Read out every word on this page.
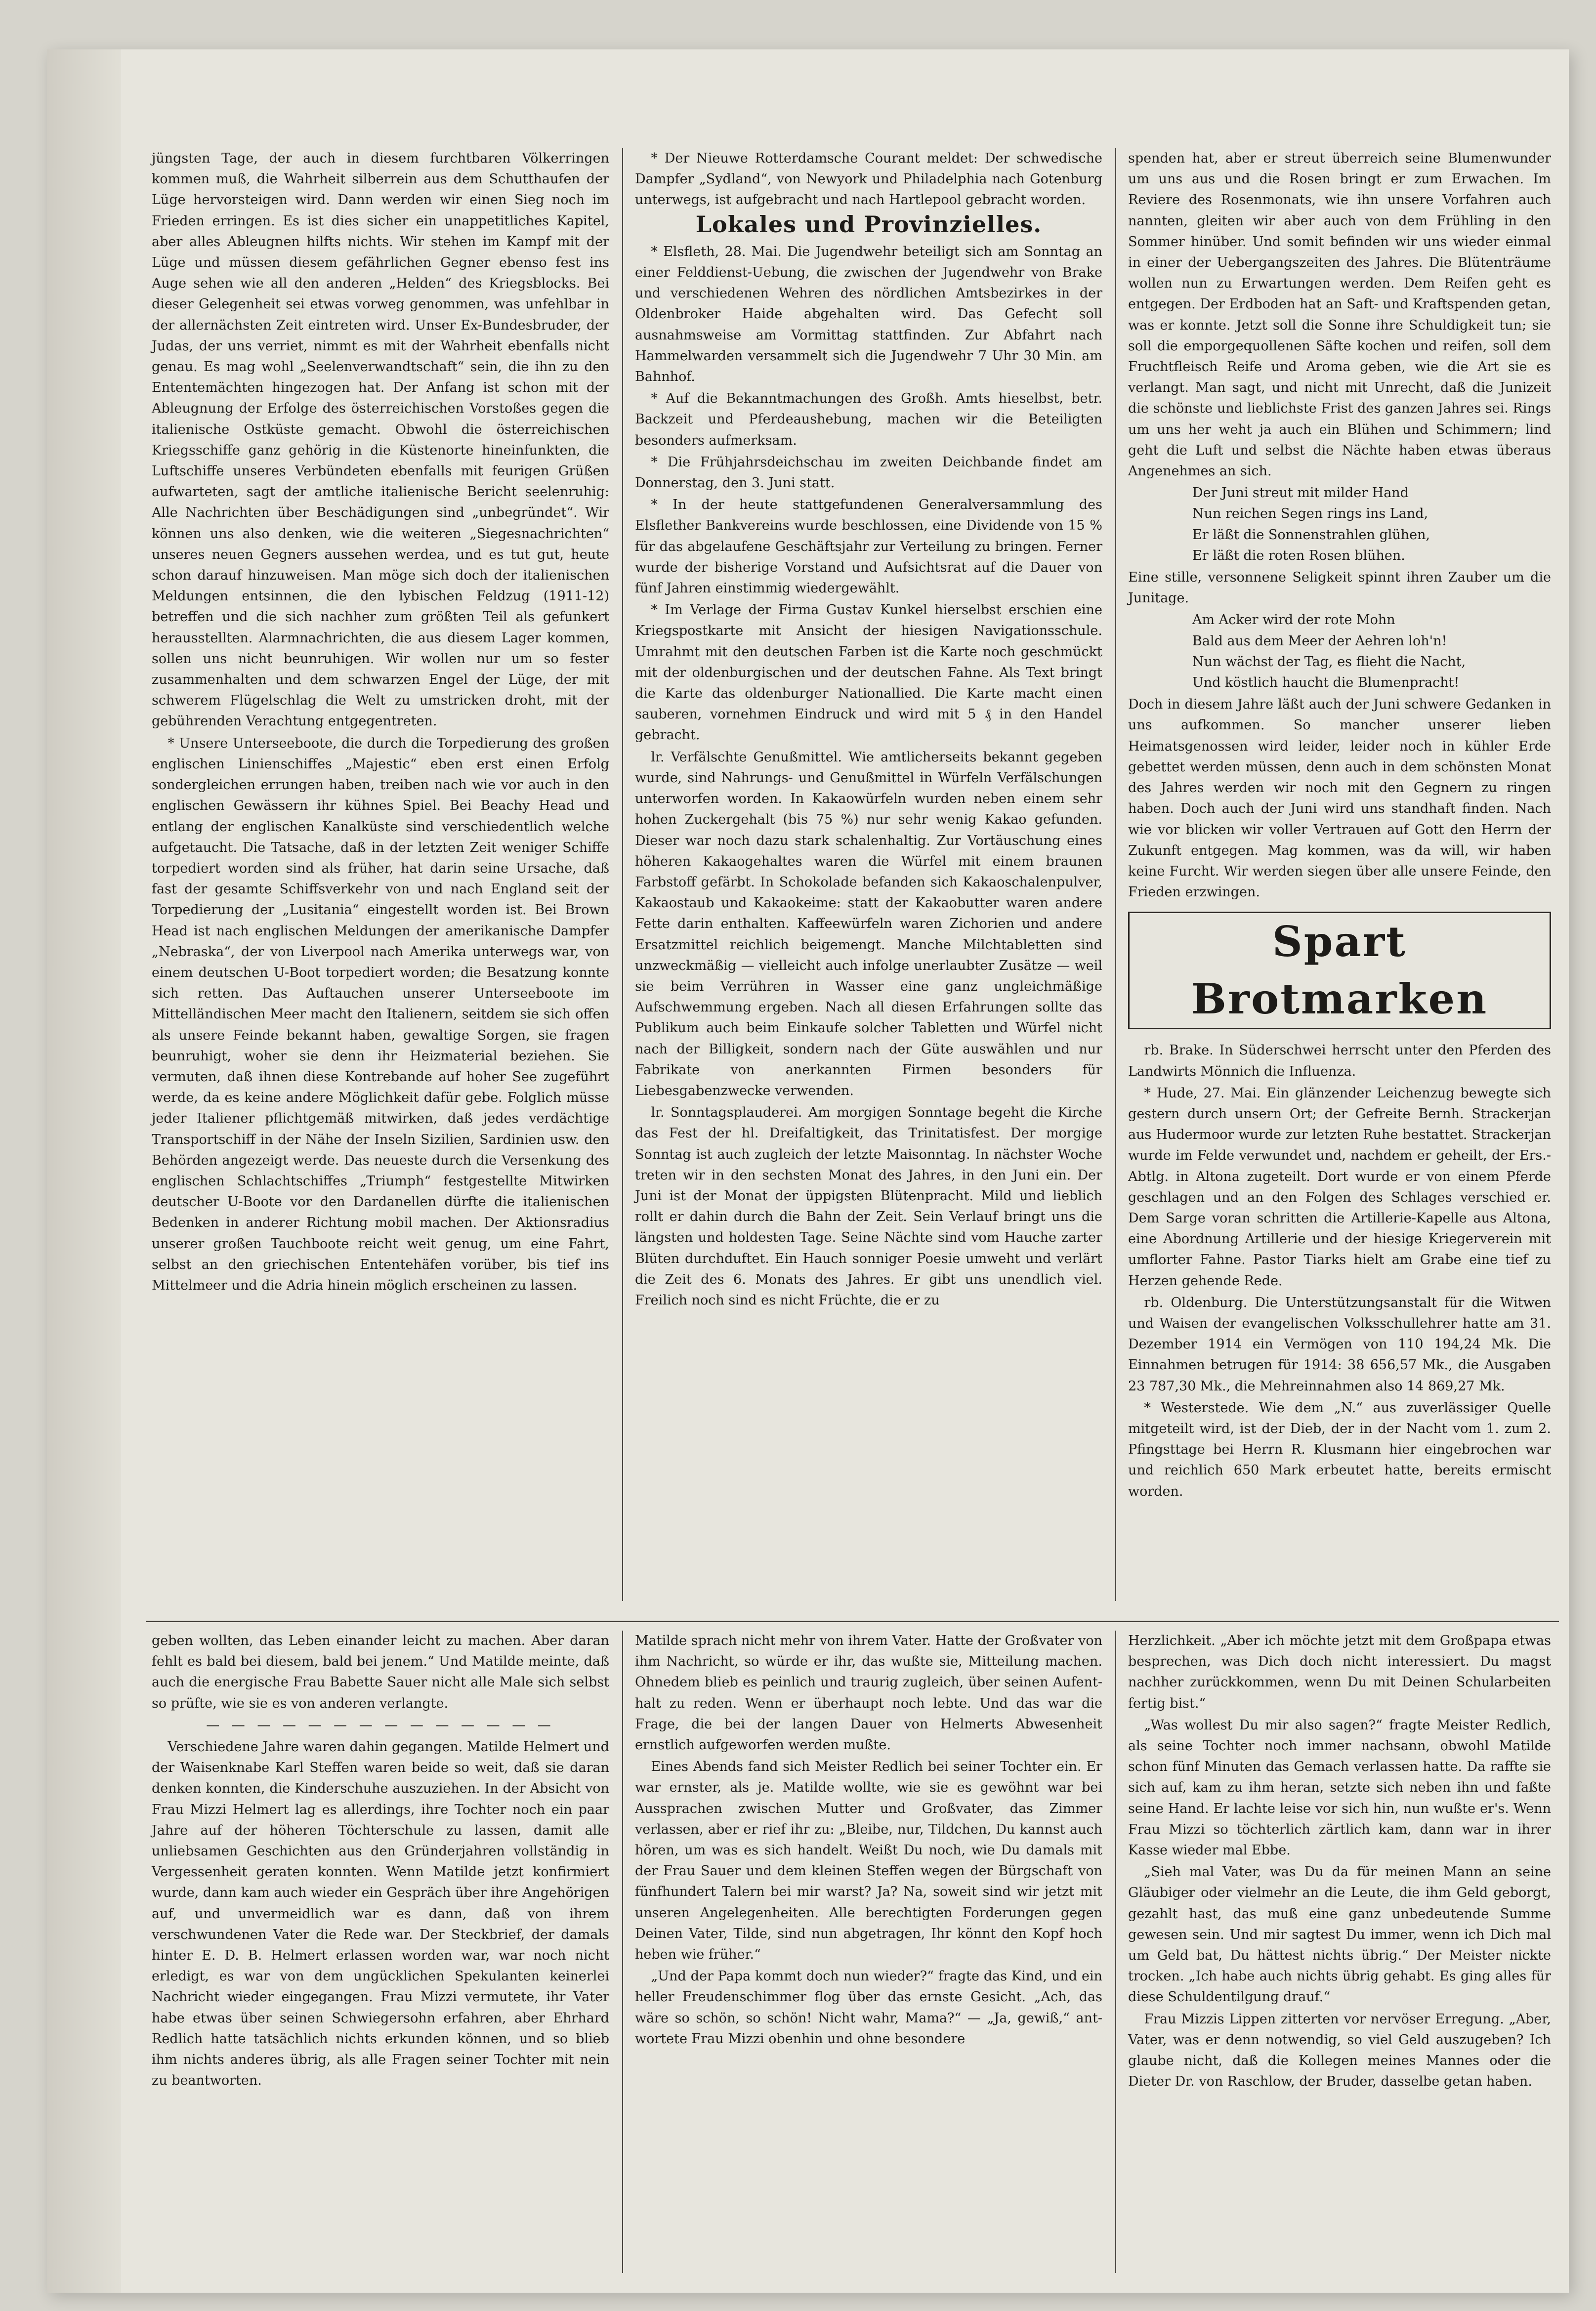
jüngsten Tage, der auch in diesem furchtbaren Völkerringen kommen muß, die Wahrheit silberrein aus dem Schutthaufen der Lüge hervorsteigen wird. Dann werden wir einen Sieg noch im Frieden erringen. Es ist dies sicher ein unappetitliches Kapitel, aber alles Ableugnen hilfts nichts. Wir stehen im Kampf mit der Lüge und müssen diesem gefährlichen Gegner ebenso fest ins Auge sehen wie all den anderen „Helden“ des Kriegsblocks. Bei dieser Gelegenheit sei etwas vorweg genommen, was unfehlbar in der allernächsten Zeit eintreten wird. Unser Ex-Bundesbruder, der Judas, der uns verriet, nimmt es mit der Wahrheit ebenfalls nicht genau. Es mag wohl „Seelenverwandtschaft“ sein, die ihn zu den Ententemächten hingezogen hat. Der Anfang ist schon mit der Ableugnung der Erfolge des österreichischen Vorstoßes gegen die italienische Ostküste gemacht. Obwohl die österreichischen Kriegsschiffe ganz gehörig in die Küstenorte hineinfunkten, die Luftschiffe unseres Verbündeten ebenfalls mit feurigen Grüßen aufwarteten, sagt der amtliche italienische Bericht seelenruhig: Alle Nachrichten über Beschädigungen sind „unbegründet“. Wir können uns also denken, wie die weiteren „Siegesnachrichten“ unseres neuen Gegners aussehen werdea, und es tut gut, heute schon darauf hinzuweisen. Man möge sich doch der italienischen Meldungen entsinnen, die den lybischen Feldzug (1911-12) betreffen und die sich nachher zum größten Teil als gefunkert herausstellten. Alarmnachrichten, die aus diesem Lager kommen, sollen uns nicht beunruhigen. Wir wollen nur um so fester zusammenhalten und dem schwarzen Engel der Lüge, der mit schwerem Flügelschlag die Welt zu umstricken droht, mit der gebührenden Verachtung entgegentreten.

* Unsere Unterseeboote, die durch die Torpedierung des großen englischen Linienschiffes „Majestic“ eben erst einen Erfolg sondergleichen errungen haben, treiben nach wie vor auch in den englischen Gewässern ihr kühnes Spiel. Bei Beachy Head und entlang der englischen Kanalküste sind verschiedentlich welche aufgetaucht. Die Tatsache, daß in der letzten Zeit weniger Schiffe torpediert worden sind als früher, hat darin seine Ursache, daß fast der gesamte Schiffsverkehr von und nach England seit der Torpedierung der „Lusitania“ eingestellt worden ist. Bei Brown Head ist nach englischen Meldungen der amerikanische Dampfer „Nebraska“, der von Liverpool nach Amerika unterwegs war, von einem deutschen U-Boot torpediert worden; die Besatzung konnte sich retten. Das Auftauchen unserer Unterseeboote im Mittelländischen Meer macht den Italienern, seitdem sie sich offen als unsere Feinde bekannt haben, gewaltige Sorgen, sie fragen beunruhigt, woher sie denn ihr Heizmaterial beziehen. Sie vermuten, daß ihnen diese Kontrebande auf hoher See zugeführt werde, da es keine andere Möglichkeit dafür gebe. Folglich müsse jeder Italiener pflichtgemäß mitwirken, daß jedes verdächtige Transportschiff in der Nähe der Inseln Sizilien, Sardinien usw. den Behörden angezeigt werde. Das neueste durch die Versenkung des englischen Schlachtschiffes „Triumph“ festgestellte Mitwirken deutscher U-Boote vor den Dardanellen dürfte die italienischen Bedenken in anderer Richtung mobil machen. Der Aktionsradius unserer großen Tauchboote reicht weit genug, um eine Fahrt, selbst an den griechischen Ententehäfen vorüber, bis tief ins Mittelmeer und die Adria hinein möglich erscheinen zu lassen.

* Der Nieuwe Rotterdamsche Courant meldet: Der schwedische Dampfer „Sydland“, von Newyork und Philadelphia nach Gotenburg unterwegs, ist aufgebracht und nach Hartlepool gebracht worden.

Lokales und Provinzielles.

* Elsfleth, 28. Mai. Die Jugendwehr beteiligt sich am Sonntag an einer Felddienst-Uebung, die zwischen der Jugendwehr von Brake und verschiedenen Wehren des nördlichen Amtsbezirkes in der Oldenbroker Haide abgehalten wird. Das Gefecht soll ausnahmsweise am Vormittag stattfinden. Zur Abfahrt nach Hammelwarden versammelt sich die Jugendwehr 7 Uhr 30 Min. am Bahnhof.

* Auf die Bekanntmachungen des Großh. Amts hieselbst, betr. Backzeit und Pferdeaushebung, machen wir die Beteiligten besonders aufmerksam.

* Die Frühjahrsdeichschau im zweiten Deichbande findet am Donnerstag, den 3. Juni statt.

* In der heute stattgefundenen Generalversammlung des Elsflether Bankvereins wurde beschlossen, eine Dividende von 15 % für das abgelaufene Geschäftsjahr zur Verteilung zu bringen. Ferner wurde der bisherige Vorstand und Aufsichtsrat auf die Dauer von fünf Jahren einstimmig wiedergewählt.

* Im Verlage der Firma Gustav Kunkel hierselbst erschien eine Kriegspostkarte mit Ansicht der hiesigen Navigationsschule. Umrahmt mit den deutschen Farben ist die Karte noch geschmückt mit der oldenburgischen und der deutschen Fahne. Als Text bringt die Karte das oldenburger Nationallied. Die Karte macht einen sauberen, vornehmen Eindruck und wird mit 5 ₰ in den Handel gebracht.

lr. Verfälschte Genußmittel. Wie amtlicherseits bekannt gegeben wurde, sind Nahrungs- und Genußmittel in Würfeln Verfälschungen unterworfen worden. In Kakaowürfeln wurden neben einem sehr hohen Zuckergehalt (bis 75 %) nur sehr wenig Kakao gefunden. Dieser war noch dazu stark schalenhaltig. Zur Vortäuschung eines höheren Kakaogehaltes waren die Würfel mit einem braunen Farbstoff gefärbt. In Schokolade befanden sich Kakaoschalenpulver, Kakaostaub und Kakaokeime: statt der Kakaobutter waren andere Fette darin enthalten. Kaffeewürfeln waren Zichorien und andere Ersatzmittel reichlich beigemengt. Manche Milchtabletten sind unzweckmäßig — vielleicht auch infolge unerlaubter Zusätze — weil sie beim Verrühren in Wasser eine ganz ungleichmäßige Aufschwemmung ergeben. Nach all diesen Erfahrungen sollte das Publikum auch beim Einkaufe solcher Tabletten und Würfel nicht nach der Billigkeit, sondern nach der Güte auswählen und nur Fabrikate von anerkannten Firmen besonders für Liebesgabenzwecke verwenden.

lr. Sonntagsplauderei. Am morgigen Sonntage begeht die Kirche das Fest der hl. Dreifaltigkeit, das Trinitatisfest. Der morgige Sonntag ist auch zugleich der letzte Maisonntag. In nächster Woche treten wir in den sechsten Monat des Jahres, in den Juni ein. Der Juni ist der Monat der üppigsten Blütenpracht. Mild und lieblich rollt er dahin durch die Bahn der Zeit. Sein Verlauf bringt uns die längsten und holdesten Tage. Seine Nächte sind vom Hauche zarter Blüten durchduftet. Ein Hauch sonniger Poesie umweht und verlärt die Zeit des 6. Monats des Jahres. Er gibt uns unendlich viel. Freilich noch sind es nicht Früchte, die er zu

spenden hat, aber er streut überreich seine Blumenwunder um uns aus und die Rosen bringt er zum Erwachen. Im Reviere des Rosenmonats, wie ihn unsere Vorfahren auch nannten, gleiten wir aber auch von dem Frühling in den Sommer hinüber. Und somit befinden wir uns wieder einmal in einer der Uebergangszeiten des Jahres. Die Blütenträume wollen nun zu Erwartungen werden. Dem Reifen geht es entgegen. Der Erdboden hat an Saft- und Kraftspenden getan, was er konnte. Jetzt soll die Sonne ihre Schuldigkeit tun; sie soll die emporgequollenen Säfte kochen und reifen, soll dem Fruchtfleisch Reife und Aroma geben, wie die Art sie es verlangt. Man sagt, und nicht mit Unrecht, daß die Junizeit die schönste und lieblichste Frist des ganzen Jahres sei. Rings um uns her weht ja auch ein Blühen und Schimmern; lind geht die Luft und selbst die Nächte haben etwas überaus Angenehmes an sich.

Der Juni streut mit milder Hand

Nun reichen Segen rings ins Land,

Er läßt die Sonnenstrahlen glühen,

Er läßt die roten Rosen blühen.

Eine stille, versonnene Seligkeit spinnt ihren Zauber um die Junitage.

Am Acker wird der rote Mohn

Bald aus dem Meer der Aehren loh'n!

Nun wächst der Tag, es flieht die Nacht,

Und köstlich haucht die Blumenpracht!

Doch in diesem Jahre läßt auch der Juni schwere Gedanken in uns aufkommen. So mancher unserer lieben Heimatsgenossen wird leider, leider noch in kühler Erde gebettet werden müssen, denn auch in dem schönsten Monat des Jahres werden wir noch mit den Gegnern zu ringen haben. Doch auch der Juni wird uns standhaft finden. Nach wie vor blicken wir voller Vertrauen auf Gott den Herrn der Zukunft entgegen. Mag kommen, was da will, wir haben keine Furcht. Wir werden siegen über alle unsere Feinde, den Frieden erzwingen.

Spart Brotmarken

rb. Brake. In Süderschwei herrscht unter den Pferden des Landwirts Mönnich die Influenza.

* Hude, 27. Mai. Ein glänzender Leichenzug bewegte sich gestern durch unsern Ort; der Gefreite Bernh. Strackerjan aus Hudermoor wurde zur letzten Ruhe bestattet. Strackerjan wurde im Felde verwundet und, nachdem er geheilt, der Ers.-Abtlg. in Altona zugeteilt. Dort wurde er von einem Pferde geschlagen und an den Folgen des Schlages verschied er. Dem Sarge voran schritten die Artillerie-Kapelle aus Altona, eine Abordnung Artillerie und der hiesige Kriegerverein mit umflorter Fahne. Pastor Tiarks hielt am Grabe eine tief zu Herzen gehende Rede.

rb. Oldenburg. Die Unterstützungsanstalt für die Witwen und Waisen der evangelischen Volksschullehrer hatte am 31. Dezember 1914 ein Vermögen von 110 194,24 Mk. Die Einnahmen betrugen für 1914: 38 656,57 Mk., die Ausgaben 23 787,30 Mk., die Mehreinnahmen also 14 869,27 Mk.

* Westerstede. Wie dem „N.“ aus zuverlässiger Quelle mitgeteilt wird, ist der Dieb, der in der Nacht vom 1. zum 2. Pfingsttage bei Herrn R. Klusmann hier eingebrochen war und reichlich 650 Mark erbeutet hatte, bereits ermischt worden.

geben wollten, das Leben einander leicht zu machen. Aber daran fehlt es bald bei diesem, bald bei jenem.“ Und Matilde meinte, daß auch die energische Frau Babette Sauer nicht alle Male sich selbst so prüfte, wie sie es von anderen verlangte.

— — — — — — — — — — — — — —

Verschiedene Jahre waren dahin gegangen. Matilde Helmert und der Waisenknabe Karl Steffen waren beide so weit, daß sie daran denken konnten, die Kinderschuhe auszuziehen. In der Absicht von Frau Mizzi Helmert lag es allerdings, ihre Tochter noch ein paar Jahre auf der höheren Töchterschule zu lassen, damit alle unliebsamen Geschichten aus den Gründerjahren vollständig in Vergessenheit geraten konnten. Wenn Matilde jetzt konfirmiert wurde, dann kam auch wieder ein Gespräch über ihre Angehörigen auf, und unvermeidlich war es dann, daß von ihrem verschwundenen Vater die Rede war. Der Steckbrief, der damals hinter E. D. B. Helmert erlassen worden war, war noch nicht erledigt, es war von dem ungücklichen Spekulanten keinerlei Nachricht wieder eingegangen. Frau Mizzi vermutete, ihr Vater habe etwas über seinen Schwiegersohn erfahren, aber Ehrhard Redlich hatte tatsächlich nichts erkunden können, und so blieb ihm nichts anderes übrig, als alle Fragen seiner Tochter mit nein zu beantworten.

Matilde sprach nicht mehr von ihrem Vater. Hatte der Großvater von ihm Nachricht, so würde er ihr, das wußte sie, Mitteilung machen. Ohnedem blieb es peinlich und traurig zugleich, über seinen Aufenthalt zu reden. Wenn er überhaupt noch lebte. Und das war die Frage, die bei der langen Dauer von Helmerts Abwesenheit ernstlich aufgeworfen werden mußte.

Eines Abends fand sich Meister Redlich bei seiner Tochter ein. Er war ernster, als je. Matilde wollte, wie sie es gewöhnt war bei Aussprachen zwischen Mutter und Großvater, das Zimmer verlassen, aber er rief ihr zu: „Bleibe, nur, Tildchen, Du kannst auch hören, um was es sich handelt. Weißt Du noch, wie Du damals mit der Frau Sauer und dem kleinen Steffen wegen der Bürgschaft von fünfhundert Talern bei mir warst? Ja? Na, soweit sind wir jetzt mit unseren Angelegenheiten. Alle berechtigten Forderungen gegen Deinen Vater, Tilde, sind nun abgetragen, Ihr könnt den Kopf hoch heben wie früher.“

„Und der Papa kommt doch nun wieder?“ fragte das Kind, und ein heller Freudenschimmer flog über das ernste Gesicht. „Ach, das wäre so schön, so schön! Nicht wahr, Mama?“ — „Ja, gewiß,“ antwortete Frau Mizzi obenhin und ohne besondere

Herzlichkeit. „Aber ich möchte jetzt mit dem Großpapa etwas besprechen, was Dich doch nicht interessiert. Du magst nachher zurückkommen, wenn Du mit Deinen Schularbeiten fertig bist.“

„Was wollest Du mir also sagen?“ fragte Meister Redlich, als seine Tochter noch immer nachsann, obwohl Matilde schon fünf Minuten das Gemach verlassen hatte. Da raffte sie sich auf, kam zu ihm heran, setzte sich neben ihn und faßte seine Hand. Er lachte leise vor sich hin, nun wußte er's. Wenn Frau Mizzi so töchterlich zärtlich kam, dann war in ihrer Kasse wieder mal Ebbe.

„Sieh mal Vater, was Du da für meinen Mann an seine Gläubiger oder vielmehr an die Leute, die ihm Geld geborgt, gezahlt hast, das muß eine ganz unbedeutende Summe gewesen sein. Und mir sagtest Du immer, wenn ich Dich mal um Geld bat, Du hättest nichts übrig.“ Der Meister nickte trocken. „Ich habe auch nichts übrig gehabt. Es ging alles für diese Schuldentilgung drauf.“

Frau Mizzis Lippen zitterten vor nervöser Erregung. „Aber, Vater, was er denn notwendig, so viel Geld auszugeben? Ich glaube nicht, daß die Kollegen meines Mannes oder die Dieter Dr. von Raschlow, der Bruder, dasselbe getan haben.
